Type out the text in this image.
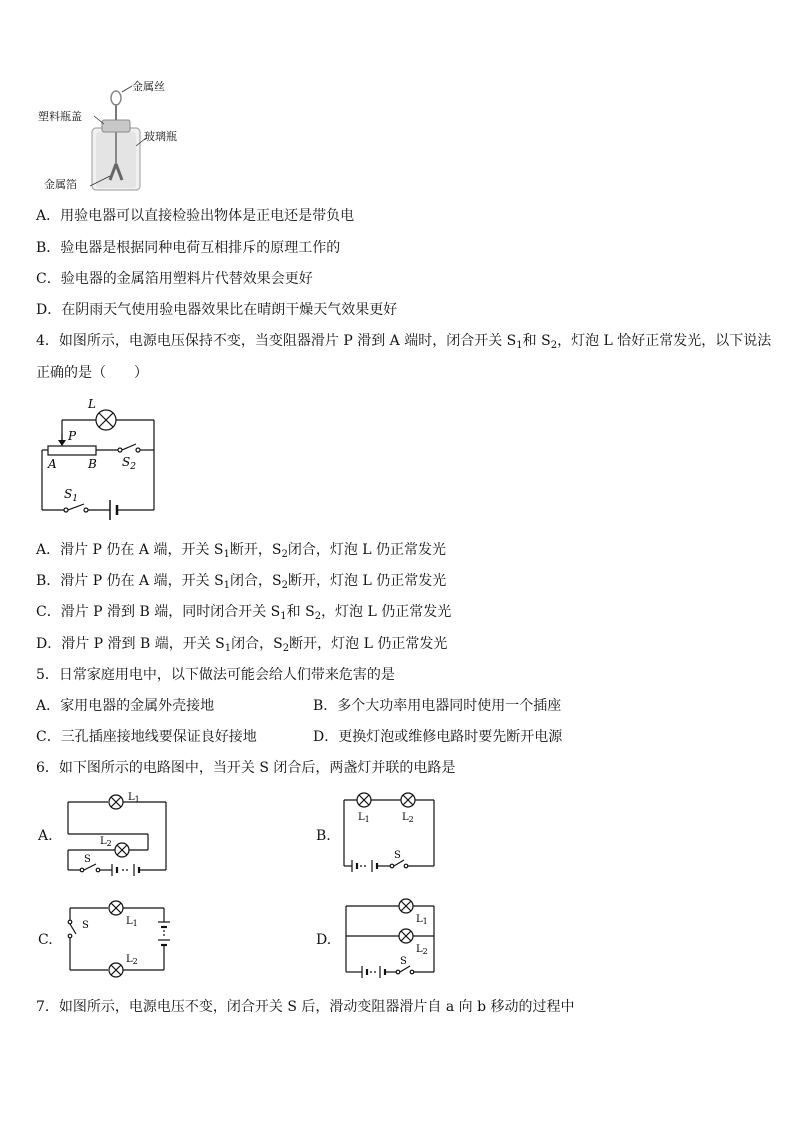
金属丝
塑料瓶盖
玻璃瓶
金属箔
A．用验电器可以直接检验出物体是正电还是带负电
B．验电器是根据同种电荷互相排斥的原理工作的
C．验电器的金属箔用塑料片代替效果会更好
D．在阴雨天气使用验电器效果比在晴朗干燥天气效果更好
4．如图所示，电源电压保持不变，当变阻器滑片 P 滑到 A 端时，闭合开关 $S_1$和 $S_2$，灯泡 L 恰好正常发光，以下说法
正确的是（　　）
L
P
A	B $S_2$
$S_1$
A．滑片 P 仍在 A 端，开关 $S_1$断开，$S_2$闭合，灯泡 L 仍正常发光
B．滑片 P 仍在 A 端，开关 $S_1$闭合，$S_2$断开，灯泡 L 仍正常发光
C．滑片 P 滑到 B 端，同时闭合开关 $S_1$和 $S_2$，灯泡 L 仍正常发光
D．滑片 P 滑到 B 端，开关 $S_1$闭合，$S_2$断开，灯泡 L 仍正常发光
5．日常家庭用电中，以下做法可能会给人们带来危害的是
A．家用电器的金属外壳接地	B．多个大功率用电器同时使用一个插座
C．三孔插座接地线要保证良好接地	D．更换灯泡或维修电路时要先断开电源
6．如下图所示的电路图中，当开关 S 闭合后，两盏灯并联的电路是
A.	B.
C.	D.
$L_1$
$L_2$
S
$L_1$	$L_2$
S
S	$L_1$
$L_2$
$L_1$
$L_2$
S
7．如图所示，电源电压不变，闭合开关 S 后，滑动变阻器滑片自 a 向 b 移动的过程中
